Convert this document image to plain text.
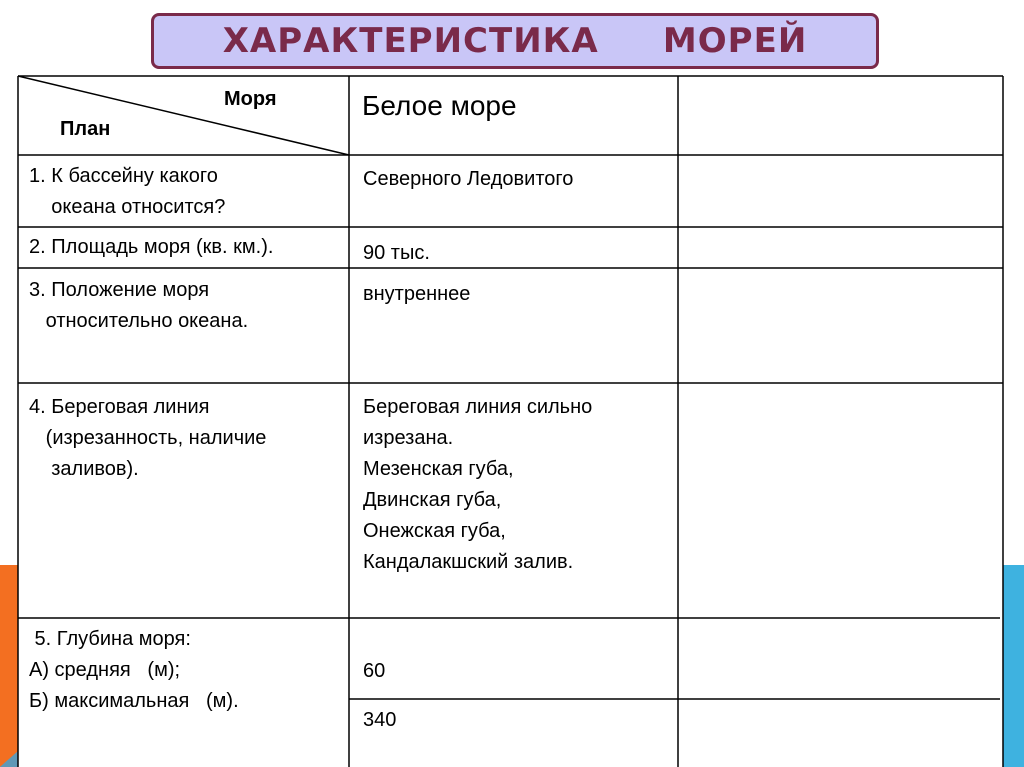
ХАРАКТЕРИСТИКА     МОРЕЙ
Моря
План
Белое море
1. К бассейну какого
океана относится?
Северного Ледовитого
2. Площадь моря (кв. км.).	90 тыс.
3. Положение моря
относительно океана.
внутреннее
4. Береговая линия
(изрезанность, наличие
заливов).
Береговая линия сильно
изрезана.
Мезенская губа,
Двинская губа,
Онежская губа,
Кандалакшский залив.
5. Глубина моря:
А) средняя   (м);
Б) максимальная   (м).
60
340
